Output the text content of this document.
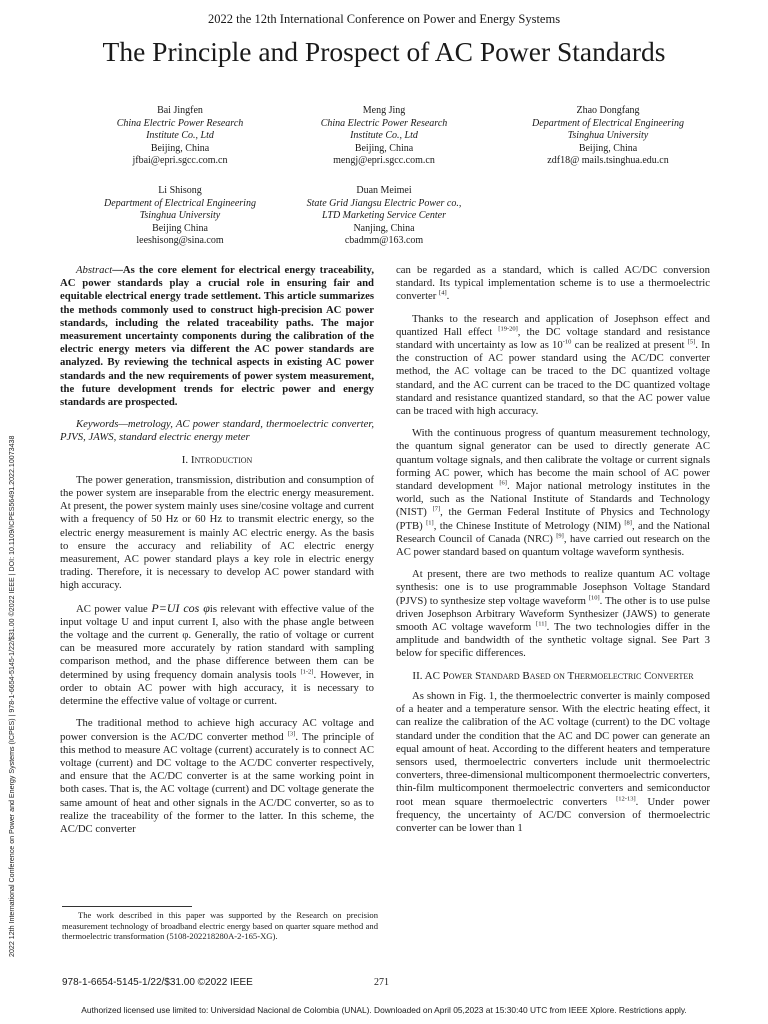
2022 the 12th International Conference on Power and Energy Systems
The Principle and Prospect of AC Power Standards
Bai Jingfen
China Electric Power Research
Institute Co., Ltd
Beijing, China
jfbai@epri.sgcc.com.cn
Meng Jing
China Electric Power Research
Institute Co., Ltd
Beijing, China
mengj@epri.sgcc.com.cn
Zhao Dongfang
Department of Electrical Engineering
Tsinghua University
Beijing, China
zdf18@ mails.tsinghua.edu.cn
Li Shisong
Department of Electrical Engineering
Tsinghua University
Beijing China
leeshisong@sina.com
Duan Meimei
State Grid Jiangsu Electric Power co.,
LTD Marketing Service Center
Nanjing, China
cbadmm@163.com
2022 12th International Conference on Power and Energy Systems (ICPES) | 978-1-6654-5145-1/22/$31.00 ©2022 IEEE | DOI: 10.1109/ICPES56491.2022.10073438

Abstract—As the core element for electrical energy traceability, AC power standards play a crucial role in ensuring fair and equitable electrical energy trade settlement. This article summarizes the methods commonly used to construct high-precision AC power standards, including the related traceability paths. The major measurement uncertainty components during the calibration of the electric energy meters via different the AC power standards are analyzed. By reviewing the technical aspects in existing AC power standards and the new requirements of power system measurement, the future development trends for electric power and energy standards are prospected.

Keywords—metrology, AC power standard, thermoelectric converter, PJVS, JAWS, standard electric energy meter

I. Introduction

The power generation, transmission, distribution and consumption of the power system are inseparable from the electric energy measurement. At present, the power system mainly uses sine/cosine voltage and current with a frequency of 50 Hz or 60 Hz to transmit electric energy, so the electric energy measurement is mainly AC electric energy. As the basis to ensure the accuracy and reliability of AC electric energy measurement, AC power standard plays a key role in electric energy trading. Therefore, it is necessary to develop AC power standard with high accuracy.

AC power value P=UI cos φis relevant with effective value of the input voltage U and input current I, also with the phase angle between the voltage and the current φ. Generally, the ratio of voltage or current can be measured more accurately by ration standard with sampling comparison method, and the phase difference between them can be determined by using frequency domain analysis tools [1-2]. However, in order to obtain AC power with high accuracy, it is necessary to determine the effective value of voltage or current.

The traditional method to achieve high accuracy AC voltage and power conversion is the AC/DC converter method [3]. The principle of this method to measure AC voltage (current) accurately is to connect AC voltage (current) and DC voltage to the AC/DC converter respectively, and ensure that the AC/DC converter is at the same working point in both cases. That is, the AC voltage (current) and DC voltage generate the same amount of heat and other signals in the AC/DC converter, so as to realize the traceability of the former to the latter. In this scheme, the AC/DC converter

can be regarded as a standard, which is called AC/DC conversion standard. Its typical implementation scheme is to use a thermoelectric converter [4].

Thanks to the research and application of Josephson effect and quantized Hall effect [19-20], the DC voltage standard and resistance standard with uncertainty as low as $10^{-10}$ can be realized at present [5]. In the construction of AC power standard using the AC/DC converter method, the AC voltage can be traced to the DC quantized voltage standard, and the AC current can be traced to the DC quantized voltage standard and resistance quantized standard, so that the AC power value can be traced with high accuracy.

With the continuous progress of quantum measurement technology, the quantum signal generator can be used to directly generate AC quantum voltage signals, and then calibrate the voltage or current signals forming AC power, which has become the main school of AC power standard development [6]. Major national metrology institutes in the world, such as the National Institute of Standards and Technology (NIST) [7], the German Federal Institute of Physics and Technology (PTB) [1], the Chinese Institute of Metrology (NIM) [8], and the National Research Council of Canada (NRC) [9], have carried out research on the AC power standard based on quantum voltage waveform synthesis.

At present, there are two methods to realize quantum AC voltage synthesis: one is to use programmable Josephson Voltage Standard (PJVS) to synthesize step voltage waveform [10]. The other is to use pulse driven Josephson Arbitrary Waveform Synthesizer (JAWS) to generate smooth AC voltage waveform [11]. The two technologies differ in the amplitude and bandwidth of the synthetic voltage signal. See Part 3 below for specific differences.

II. AC Power Standard Based on Thermoelectric Converter

As shown in Fig. 1, the thermoelectric converter is mainly composed of a heater and a temperature sensor. With the electric heating effect, it can realize the calibration of the AC voltage (current) to the DC voltage standard under the condition that the AC and DC power can generate an equal amount of heat. According to the different heaters and temperature sensors used, thermoelectric converters include unit thermoelectric converters, three-dimensional multicomponent thermoelectric converters, thin-film multicomponent thermoelectric converters and semiconductor root mean square thermoelectric converters [12-13]. Under power frequency, the uncertainty of AC/DC conversion of thermoelectric converter can be lower than 1

The work described in this paper was supported by the Research on precision measurement technology of broadband electric energy based on quarter square method and thermoelectric transformation (5108-202218280A-2-165-XG).
978-1-6654-5145-1/22/$31.00 ©2022 IEEE	271
Authorized licensed use limited to: Universidad Nacional de Colombia (UNAL). Downloaded on April 05,2023 at 15:30:40 UTC from IEEE Xplore. Restrictions apply.
